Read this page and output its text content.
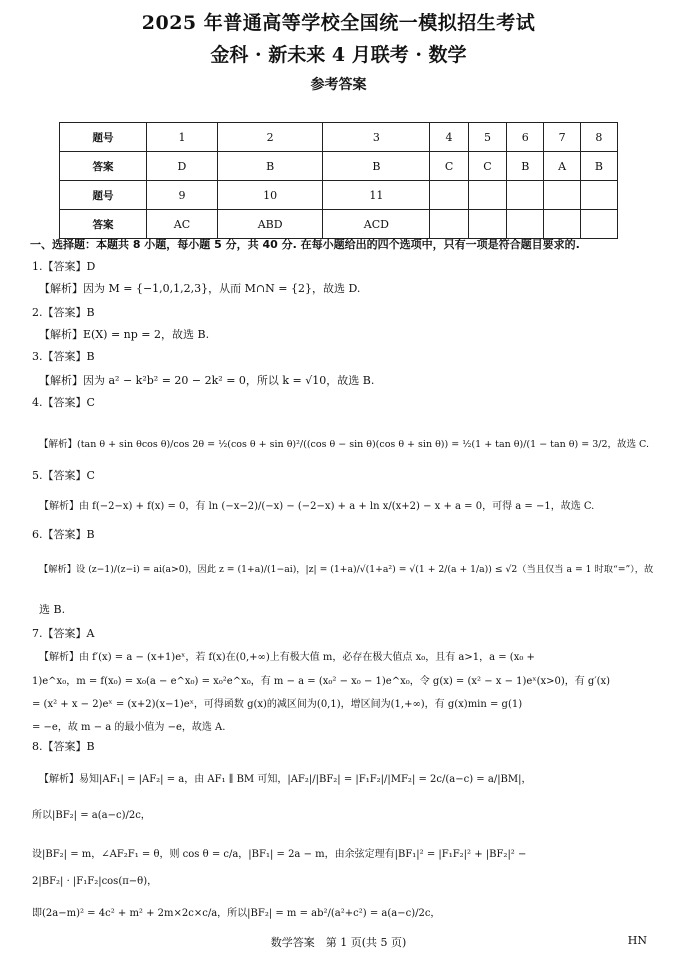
2025 年普通高等学校全国统一模拟招生考试
金科 · 新未来 4 月联考 · 数学
参考答案
题号	1	2	3	4	5	6	7	8
答案	D	B	B	C	C	B	A	B
题号	9	10	11					
答案	AC	ABD	ACD					
一、选择题：本题共 8 小题，每小题 5 分，共 40 分. 在每小题给出的四个选项中，只有一项是符合题目要求的.
1.【答案】D
【解析】因为 M = {−1,0,1,2,3}，从而 M∩N = {2}，故选 D.
2.【答案】B
【解析】E(X) = np = 2，故选 B.
3.【答案】B
【解析】因为 a² − k²b² = 20 − 2k² = 0，所以 k = √10，故选 B.
4.【答案】C
【解析】(tan θ + sin θcos θ)/cos 2θ = ½(cos θ + sin θ)²/((cos θ − sin θ)(cos θ + sin θ)) = ½(1 + tan θ)/(1 − tan θ) = 3/2，故选 C.
5.【答案】C
【解析】由 f(−2−x) + f(x) = 0，有 ln (−x−2)/(−x) − (−2−x) + a + ln x/(x+2) − x + a = 0，可得 a = −1，故选 C.
6.【答案】B
【解析】设 (z−1)/(z−i) = ai(a>0)，因此 z = (1+a)/(1−ai)，|z| = (1+a)/√(1+a²) = √(1 + 2/(a + 1/a)) ≤ √2（当且仅当 a = 1 时取“=”），故
选 B.
7.【答案】A
【解析】由 f′(x) = a − (x+1)eˣ，若 f(x)在(0,+∞)上有极大值 m，必存在极大值点 x₀，且有 a>1，a = (x₀ +
1)e^x₀，m = f(x₀) = x₀(a − e^x₀) = x₀²e^x₀，有 m − a = (x₀² − x₀ − 1)e^x₀，令 g(x) = (x² − x − 1)eˣ(x>0)，有 g′(x)
= (x² + x − 2)eˣ = (x+2)(x−1)eˣ，可得函数 g(x)的减区间为(0,1)，增区间为(1,+∞)，有 g(x)min = g(1)
= −e，故 m − a 的最小值为 −e，故选 A.
8.【答案】B
【解析】易知|AF₁| = |AF₂| = a，由 AF₁ ∥ BM 可知，|AF₂|/|BF₂| = |F₁F₂|/|MF₂| = 2c/(a−c) = a/|BM|，
所以|BF₂| = a(a−c)/2c，
设|BF₂| = m，∠AF₂F₁ = θ，则 cos θ = c/a，|BF₁| = 2a − m，由余弦定理有|BF₁|² = |F₁F₂|² + |BF₂|² −
2|BF₂| · |F₁F₂|cos(π−θ)，
即(2a−m)² = 4c² + m² + 2m×2c×c/a，所以|BF₂| = m = ab²/(a²+c²) = a(a−c)/2c，
数学答案　第 1 页(共 5 页)	HN
